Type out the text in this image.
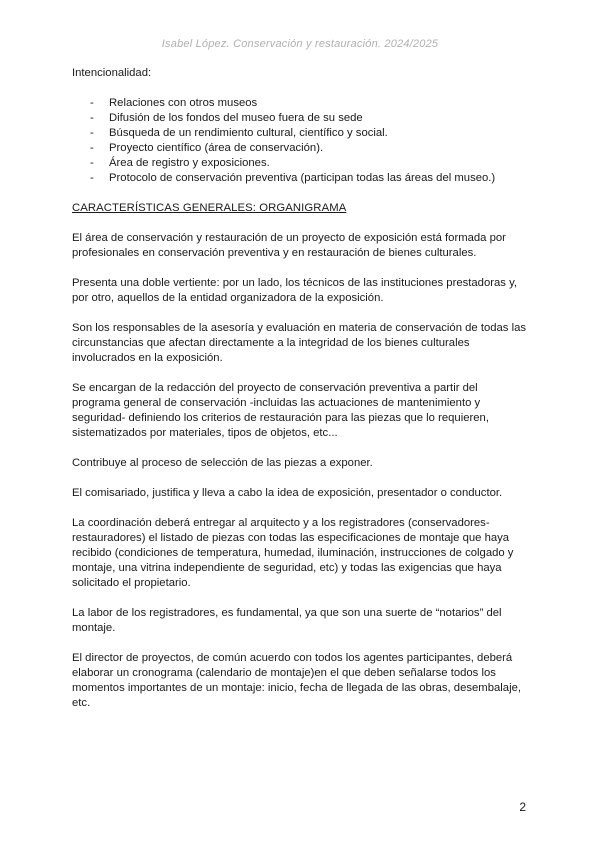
Isabel López. Conservación y restauración. 2024/2025

Intencionalidad:

- Relaciones con otros museos
- Difusión de los fondos del museo fuera de su sede
- Búsqueda de un rendimiento cultural, científico y social.
- Proyecto científico (área de conservación).
- Área de registro y exposiciones.
- Protocolo de conservación preventiva (participan todas las áreas del museo.)

CARACTERÍSTICAS GENERALES: ORGANIGRAMA

El área de conservación y restauración de un proyecto de exposición está formada por profesionales en conservación preventiva y en restauración de bienes culturales.

Presenta una doble vertiente: por un lado, los técnicos de las instituciones prestadoras y, por otro, aquellos de la entidad organizadora de la exposición.

Son los responsables de la asesoría y evaluación en materia de conservación de todas las circunstancias que afectan directamente a la integridad de los bienes culturales involucrados en la exposición.

Se encargan de la redacción del proyecto de conservación preventiva a partir del programa general de conservación -incluidas las actuaciones de mantenimiento y seguridad- definiendo los criterios de restauración para las piezas que lo requieren, sistematizados por materiales, tipos de objetos, etc...

Contribuye al proceso de selección de las piezas a exponer.

El comisariado, justifica y lleva a cabo la idea de exposición, presentador o conductor.

La coordinación deberá entregar al arquitecto y a los registradores (conservadores-restauradores) el listado de piezas con todas las especificaciones de montaje que haya recibido (condiciones de temperatura, humedad, iluminación, instrucciones de colgado y montaje, una vitrina independiente de seguridad, etc) y todas las exigencias que haya solicitado el propietario.

La labor de los registradores, es fundamental, ya que son una suerte de “notarios” del montaje.

El director de proyectos, de común acuerdo con todos los agentes participantes, deberá elaborar un cronograma (calendario de montaje)en el que deben señalarse todos los momentos importantes de un montaje: inicio, fecha de llegada de las obras, desembalaje, etc.

2
